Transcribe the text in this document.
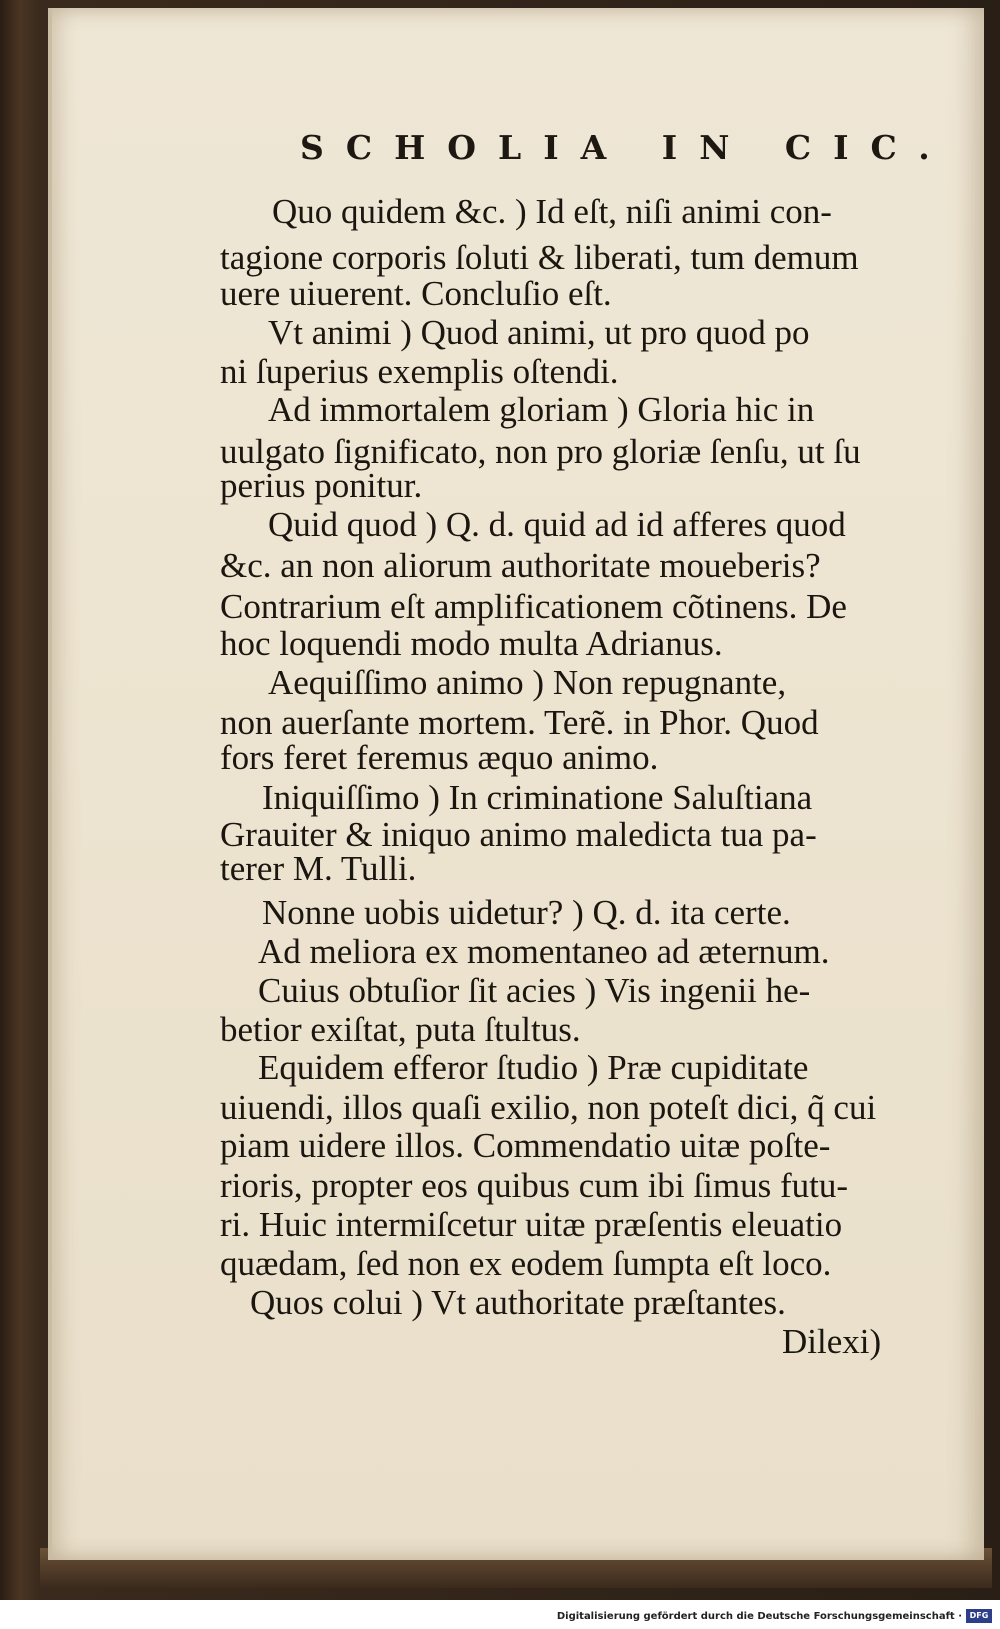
SCHOLIA IN CIC.
Quo quidem &c. ) Id eſt, niſi animi con-
tagione corporis ſoluti & liberati, tum demum
uere uiuerent. Concluſio eſt.
Vt animi ) Quod animi, ut pro quod po
ni ſuperius exemplis oſtendi.
Ad immortalem gloriam ) Gloria hic in
uulgato ſignificato, non pro gloriæ ſenſu, ut ſu
perius ponitur.
Quid quod ) Q. d. quid ad id afferes quod
&c. an non aliorum authoritate moueberis?
Contrarium eſt amplificationem cõtinens. De
hoc loquendi modo multa Adrianus.
Aequiſſimo animo ) Non repugnante,
non auerſante mortem. Terẽ. in Phor. Quod
fors feret feremus æquo animo.
Iniquiſſimo ) In criminatione Saluſtiana
Grauiter & iniquo animo maledicta tua pa-
terer M. Tulli.
Nonne uobis uidetur? ) Q. d. ita certe.
Ad meliora ex momentaneo ad æternum.
Cuius obtuſior ſit acies ) Vis ingenii he-
betior exiſtat, puta ſtultus.
Equidem efferor ſtudio ) Præ cupiditate
uiuendi, illos quaſi exilio, non poteſt dici, q̃ cui
piam uidere illos. Commendatio uitæ poſte-
rioris, propter eos quibus cum ibi ſimus futu-
ri. Huic intermiſcetur uitæ præſentis eleuatio
quædam, ſed non ex eodem ſumpta eſt loco.
Quos colui ) Vt authoritate præſtantes.
Dilexi)
Digitalisierung gefördert durch die Deutsche Forschungsgemeinschaft · DFG
